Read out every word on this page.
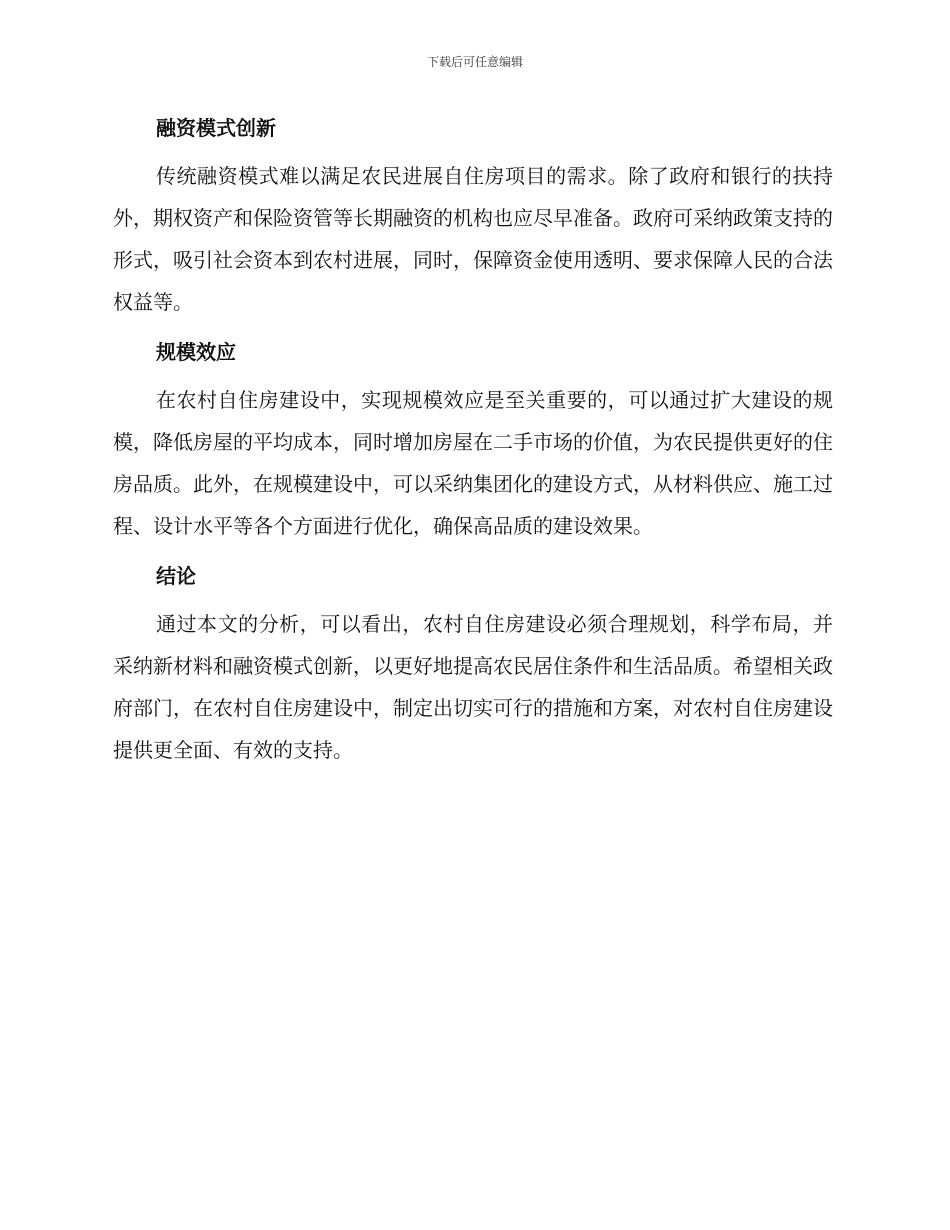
下载后可任意编辑
融资模式创新

传统融资模式难以满足农民进展自住房项目的需求。除了政府和银行的扶持外，期权资产和保险资管等长期融资的机构也应尽早准备。政府可采纳政策支持的形式，吸引社会资本到农村进展，同时，保障资金使用透明、要求保障人民的合法权益等。

规模效应

在农村自住房建设中，实现规模效应是至关重要的，可以通过扩大建设的规模，降低房屋的平均成本，同时增加房屋在二手市场的价值，为农民提供更好的住房品质。此外，在规模建设中，可以采纳集团化的建设方式，从材料供应、施工过程、设计水平等各个方面进行优化，确保高品质的建设效果。

结论

通过本文的分析，可以看出，农村自住房建设必须合理规划，科学布局，并采纳新材料和融资模式创新，以更好地提高农民居住条件和生活品质。希望相关政府部门，在农村自住房建设中，制定出切实可行的措施和方案，对农村自住房建设提供更全面、有效的支持。
